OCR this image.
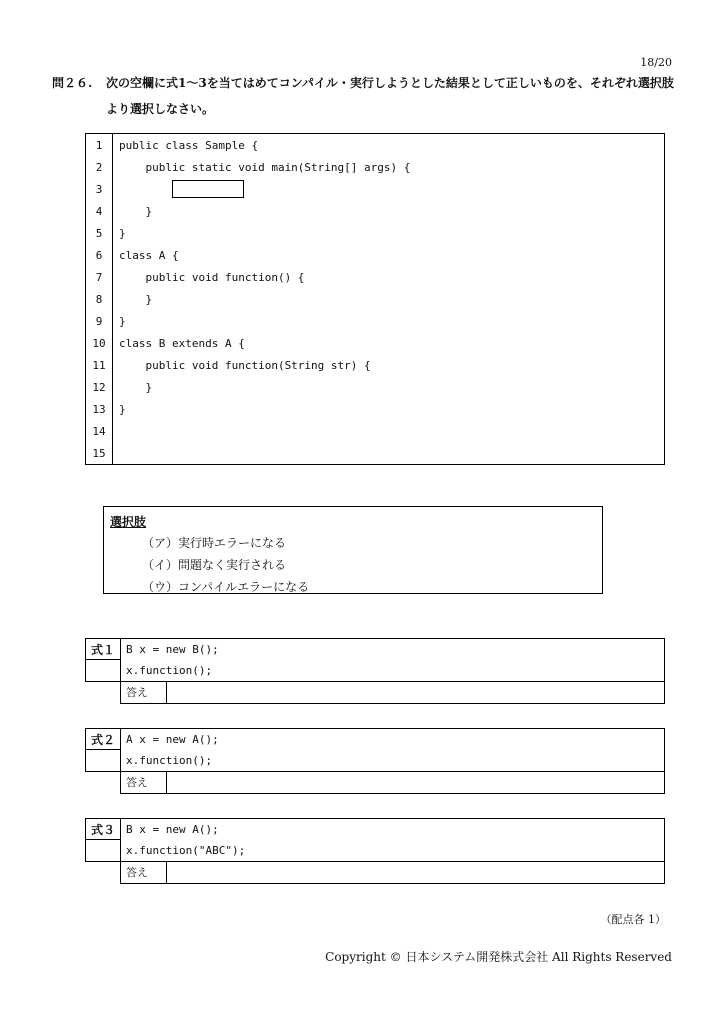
18/20
問２６. 次の空欄に式1～3を当てはめてコンパイル・実行しようとした結果として正しいものを、それぞれ選択肢より選択しなさい。
1	public class Sample {
2	public static void main(String[] args) {
3	
4	}
5	}
6	class A {
7	public void function() {
8	}
9	}
10	class B extends A {
11	public void function(String str) {
12	}
13	}
14	
15	
選択肢
（ア）実行時エラーになる
（イ）問題なく実行される
（ウ）コンパイルエラーになる
式１	B x = new B();
x.function();
答え
式２	A x = new A();
x.function();
答え
式３	B x = new A();
x.function("ABC");
答え
（配点各 1）
Copyright © 日本システム開発株式会社 All Rights Reserved
